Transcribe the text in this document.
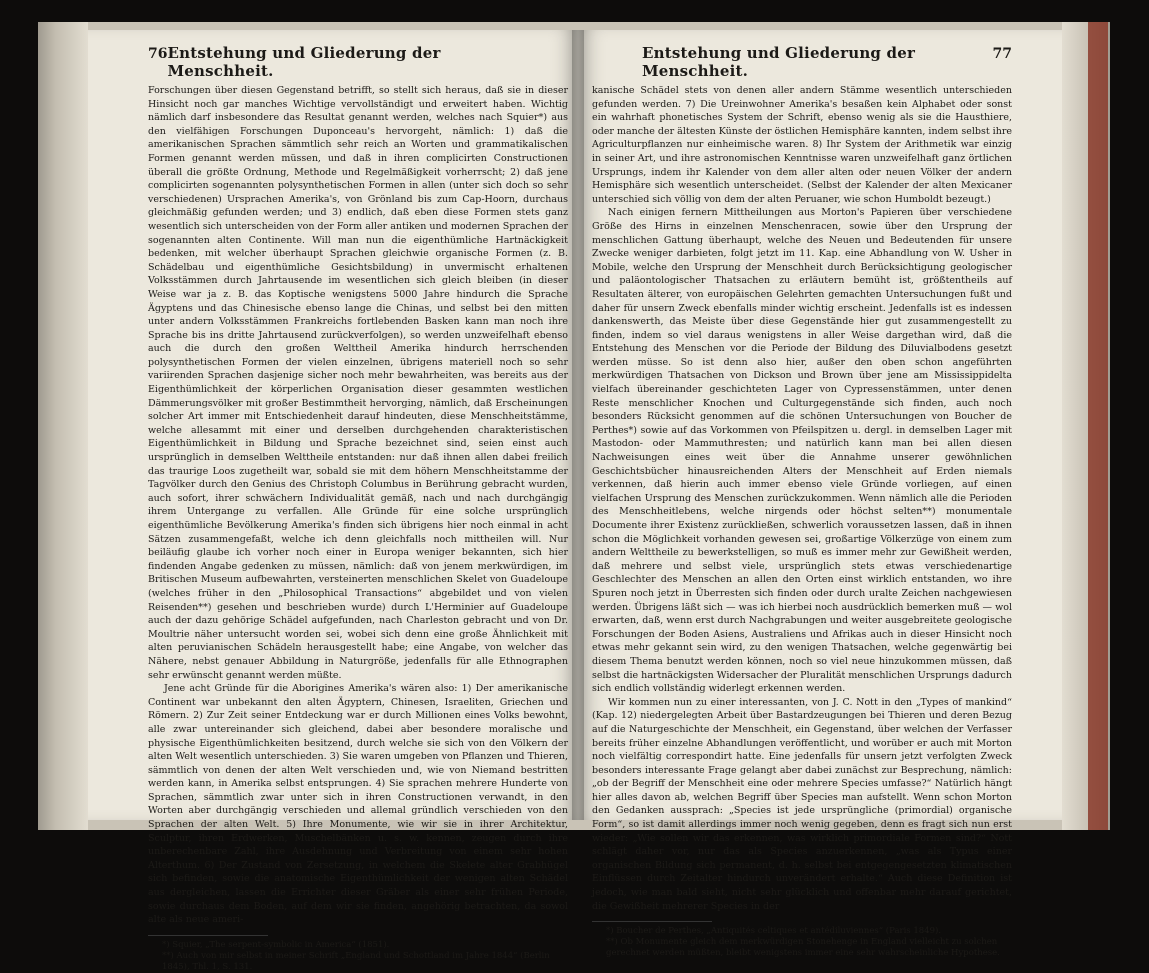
76 Entstehung und Gliederung der Menschheit.

Forschungen über diesen Gegenstand betrifft, so stellt sich heraus, daß sie in dieser Hinsicht noch gar manches Wichtige vervollständigt und erweitert haben. Wichtig nämlich darf insbesondere das Resultat genannt werden, welches nach Squier*) aus den vielfähigen Forschungen Duponceau's hervorgeht, nämlich: 1) daß die amerikanischen Sprachen sämmtlich sehr reich an Worten und grammatikalischen Formen genannt werden müssen, und daß in ihren complicirten Constructionen überall die größte Ordnung, Methode und Regelmäßigkeit vorherrscht; 2) daß jene complicirten sogenannten polysynthetischen Formen in allen (unter sich doch so sehr verschiedenen) Ursprachen Amerika's, von Grönland bis zum Cap-Hoorn, durchaus gleichmäßig gefunden werden; und 3) endlich, daß eben diese Formen stets ganz wesentlich sich unterscheiden von der Form aller antiken und modernen Sprachen der sogenannten alten Continente. Will man nun die eigenthümliche Hartnäckigkeit bedenken, mit welcher überhaupt Sprachen gleichwie organische Formen (z. B. Schädelbau und eigenthümliche Gesichtsbildung) in unvermischt erhaltenen Volksstämmen durch Jahrtausende im wesentlichen sich gleich bleiben (in dieser Weise war ja z. B. das Koptische wenigstens 5000 Jahre hindurch die Sprache Ägyptens und das Chinesische ebenso lange die Chinas, und selbst bei den mitten unter andern Volksstämmen Frankreichs fortlebenden Basken kann man noch ihre Sprache bis ins dritte Jahrtausend zurückverfolgen), so werden unzweifelhaft ebenso auch die durch den großen Welttheil Amerika hindurch herrschenden polysynthetischen Formen der vielen einzelnen, übrigens materiell noch so sehr variirenden Sprachen dasjenige sicher noch mehr bewahrheiten, was bereits aus der Eigenthümlichkeit der körperlichen Organisation dieser gesammten westlichen Dämmerungsvölker mit großer Bestimmtheit hervorging, nämlich, daß Erscheinungen solcher Art immer mit Entschiedenheit darauf hindeuten, diese Menschheitstämme, welche allesammt mit einer und derselben durchgehenden charakteristischen Eigenthümlichkeit in Bildung und Sprache bezeichnet sind, seien einst auch ursprünglich in demselben Welttheile entstanden: nur daß ihnen allen dabei freilich das traurige Loos zugetheilt war, sobald sie mit dem höhern Menschheitstamme der Tagvölker durch den Genius des Christoph Columbus in Berührung gebracht wurden, auch sofort, ihrer schwächern Individualität gemäß, nach und nach durchgängig ihrem Untergange zu verfallen. Alle Gründe für eine solche ursprünglich eigenthümliche Bevölkerung Amerika's finden sich übrigens hier noch einmal in acht Sätzen zusammengefaßt, welche ich denn gleichfalls noch mittheilen will. Nur beiläufig glaube ich vorher noch einer in Europa weniger bekannten, sich hier findenden Angabe gedenken zu müssen, nämlich: daß von jenem merkwürdigen, im Britischen Museum aufbewahrten, versteinerten menschlichen Skelet von Guadeloupe (welches früher in den „Philosophical Transactions“ abgebildet und von vielen Reisenden**) gesehen und beschrieben wurde) durch L'Herminier auf Guadeloupe auch der dazu gehörige Schädel aufgefunden, nach Charleston gebracht und von Dr. Moultrie näher untersucht worden sei, wobei sich denn eine große Ähnlichkeit mit alten peruvianischen Schädeln herausgestellt habe; eine Angabe, von welcher das Nähere, nebst genauer Abbildung in Naturgröße, jedenfalls für alle Ethnographen sehr erwünscht genannt werden müßte.

Jene acht Gründe für die Aborigines Amerika's wären also: 1) Der amerikanische Continent war unbekannt den alten Ägyptern, Chinesen, Israeliten, Griechen und Römern. 2) Zur Zeit seiner Entdeckung war er durch Millionen eines Volks bewohnt, alle zwar untereinander sich gleichend, dabei aber besondere moralische und physische Eigenthümlichkeiten besitzend, durch welche sie sich von den Völkern der alten Welt wesentlich unterschieden. 3) Sie waren umgeben von Pflanzen und Thieren, sämmtlich von denen der alten Welt verschieden und, wie von Niemand bestritten werden kann, in Amerika selbst entsprungen. 4) Sie sprachen mehrere Hunderte von Sprachen, sämmtlich zwar unter sich in ihren Constructionen verwandt, in den Worten aber durchgängig verschieden und allemal gründlich verschieden von den Sprachen der alten Welt. 5) Ihre Monumente, wie wir sie in ihrer Architektur, Sculptur, ihren Erdwerken, Muschelbänken u. s. w. kennen, zeugen durch ihre unberechenbare Zahl, ihre Ausdehnung und Verbreitung von einem sehr hohen Alterthum. 6) Der Zustand von Zersetzung, in welchem die Skelete alter Grabhügel sich befinden, sowie die anatomische Eigenthümlichkeit der wenigen alten Schädel aus dergleichen, lassen die Errichter dieser Gräber als einer sehr frühen Periode, sowie durchaus dem Boden, auf dem wir sie finden, angehörig betrachten, da sowol alte als neue ameri-

*) Squier, „The serpent-symbolic in America“ (1851).

**) Auch von mir selbst in meiner Schrift „England und Schottland im Jahre 1844“ (Berlin 1845), Thl. 1, S. 131.

Entstehung und Gliederung der Menschheit.
77

kanische Schädel stets von denen aller andern Stämme wesentlich unterschieden gefunden werden. 7) Die Ureinwohner Amerika's besaßen kein Alphabet oder sonst ein wahrhaft phonetisches System der Schrift, ebenso wenig als sie die Hausthiere, oder manche der ältesten Künste der östlichen Hemisphäre kannten, indem selbst ihre Agriculturpflanzen nur einheimische waren. 8) Ihr System der Arithmetik war einzig in seiner Art, und ihre astronomischen Kenntnisse waren unzweifelhaft ganz örtlichen Ursprungs, indem ihr Kalender von dem aller alten oder neuen Völker der andern Hemisphäre sich wesentlich unterscheidet. (Selbst der Kalender der alten Mexicaner unterschied sich völlig von dem der alten Peruaner, wie schon Humboldt bezeugt.)

Nach einigen fernern Mittheilungen aus Morton's Papieren über verschiedene Größe des Hirns in einzelnen Menschenracen, sowie über den Ursprung der menschlichen Gattung überhaupt, welche des Neuen und Bedeutenden für unsere Zwecke weniger darbieten, folgt jetzt im 11. Kap. eine Abhandlung von W. Usher in Mobile, welche den Ursprung der Menschheit durch Berücksichtigung geologischer und paläontologischer Thatsachen zu erläutern bemüht ist, größtentheils auf Resultaten älterer, von europäischen Gelehrten gemachten Untersuchungen fußt und daher für unsern Zweck ebenfalls minder wichtig erscheint. Jedenfalls ist es indessen dankenswerth, das Meiste über diese Gegenstände hier gut zusammengestellt zu finden, indem so viel daraus wenigstens in aller Weise dargethan wird, daß die Entstehung des Menschen vor die Periode der Bildung des Diluvialbodens gesetzt werden müsse. So ist denn also hier, außer den oben schon angeführten merkwürdigen Thatsachen von Dickson und Brown über jene am Mississippidelta vielfach übereinander geschichteten Lager von Cypressenstämmen, unter denen Reste menschlicher Knochen und Culturgegenstände sich finden, auch noch besonders Rücksicht genommen auf die schönen Untersuchungen von Boucher de Perthes*) sowie auf das Vorkommen von Pfeilspitzen u. dergl. in demselben Lager mit Mastodon- oder Mammuthresten; und natürlich kann man bei allen diesen Nachweisungen eines weit über die Annahme unserer gewöhnlichen Geschichtsbücher hinausreichenden Alters der Menschheit auf Erden niemals verkennen, daß hierin auch immer ebenso viele Gründe vorliegen, auf einen vielfachen Ursprung des Menschen zurückzukommen. Wenn nämlich alle die Perioden des Menschheitlebens, welche nirgends oder höchst selten**) monumentale Documente ihrer Existenz zurückließen, schwerlich voraussetzen lassen, daß in ihnen schon die Möglichkeit vorhanden gewesen sei, großartige Völkerzüge von einem zum andern Welttheile zu bewerkstelligen, so muß es immer mehr zur Gewißheit werden, daß mehrere und selbst viele, ursprünglich stets etwas verschiedenartige Geschlechter des Menschen an allen den Orten einst wirklich entstanden, wo ihre Spuren noch jetzt in Überresten sich finden oder durch uralte Zeichen nachgewiesen werden. Übrigens läßt sich — was ich hierbei noch ausdrücklich bemerken muß — wol erwarten, daß, wenn erst durch Nachgrabungen und weiter ausgebreitete geologische Forschungen der Boden Asiens, Australiens und Afrikas auch in dieser Hinsicht noch etwas mehr gekannt sein wird, zu den wenigen Thatsachen, welche gegenwärtig bei diesem Thema benutzt werden können, noch so viel neue hinzukommen müssen, daß selbst die hartnäckigsten Widersacher der Pluralität menschlichen Ursprungs dadurch sich endlich vollständig widerlegt erkennen werden.

Wir kommen nun zu einer interessanten, von J. C. Nott in den „Types of mankind“ (Kap. 12) niedergelegten Arbeit über Bastardzeugungen bei Thieren und deren Bezug auf die Naturgeschichte der Menschheit, ein Gegenstand, über welchen der Verfasser bereits früher einzelne Abhandlungen veröffentlicht, und worüber er auch mit Morton noch vielfältig correspondirt hatte. Eine jedenfalls für unsern jetzt verfolgten Zweck besonders interessante Frage gelangt aber dabei zunächst zur Besprechung, nämlich: „ob der Begriff der Menschheit eine oder mehrere Species umfasse?“ Natürlich hängt hier alles davon ab, welchen Begriff über Species man aufstellt. Wenn schon Morton den Gedanken aussprach: „Species ist jede ursprüngliche (primordial) organische Form“, so ist damit allerdings immer noch wenig gegeben, denn es fragt sich nun erst wieder: „Wie sollen wir das erkennen, was wirklich primordiale Formen sind?“ Nott schlägt daher vor, nur das als Species anzuerkennen, „was als Typus einer organischen Bildung sich permanent, d. h. selbst bei entgegengesetzten klimatischen Einflüssen durch Zeitalter hindurch unverändert erhalte.“ Auch diese Definition ist jedoch, wie man bald sieht, nicht sehr glücklich und offenbar mehr darauf gerichtet, die Gewißheit mehrerer Species in der

*) Boucher de Perthes, „Antiquités celtiques et antédiluviennes“ (Paris 1849).

**) Ob Monumente gleich dem merkwürdigen Stonehenge in England vielleicht zu solchen gerechnet werden müßten, bleibt wenigstens immer eine sehr wahrscheinliche Hypothese.
